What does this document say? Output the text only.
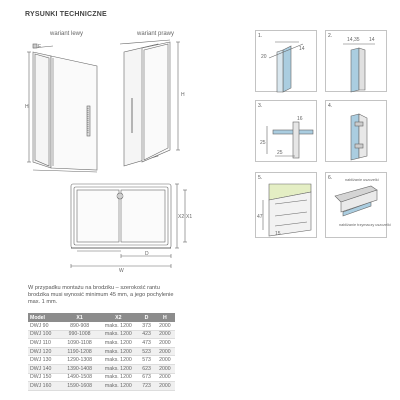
RYSUNKI TECHNICZNE
wariant lewy	wariant prawy
F
H
H
X2 X1
D
W
1.
14
20
2.
14,35 14
3.
16
25
25
4.
5.
47
15
6.	nabliżanie uszczelki
nabliżanie trzymaczy uszczelki
W przypadku montażu na brodziku – szerokość rantu brodzika musi wynosić minimum 45 mm, a jego pochylenie max. 1 mm.
Model	X1	X2	D	H
DWJ 90	890-908	maks. 1200	373	2000
DWJ 100	990-1008	maks. 1200	423	2000
DWJ 110	1090-1108	maks. 1200	473	2000
DWJ 120	1190-1208	maks. 1200	523	2000
DWJ 130	1290-1308	maks. 1200	573	2000
DWJ 140	1390-1408	maks. 1200	623	2000
DWJ 150	1490-1508	maks. 1200	673	2000
DWJ 160	1590-1608	maks. 1200	723	2000
